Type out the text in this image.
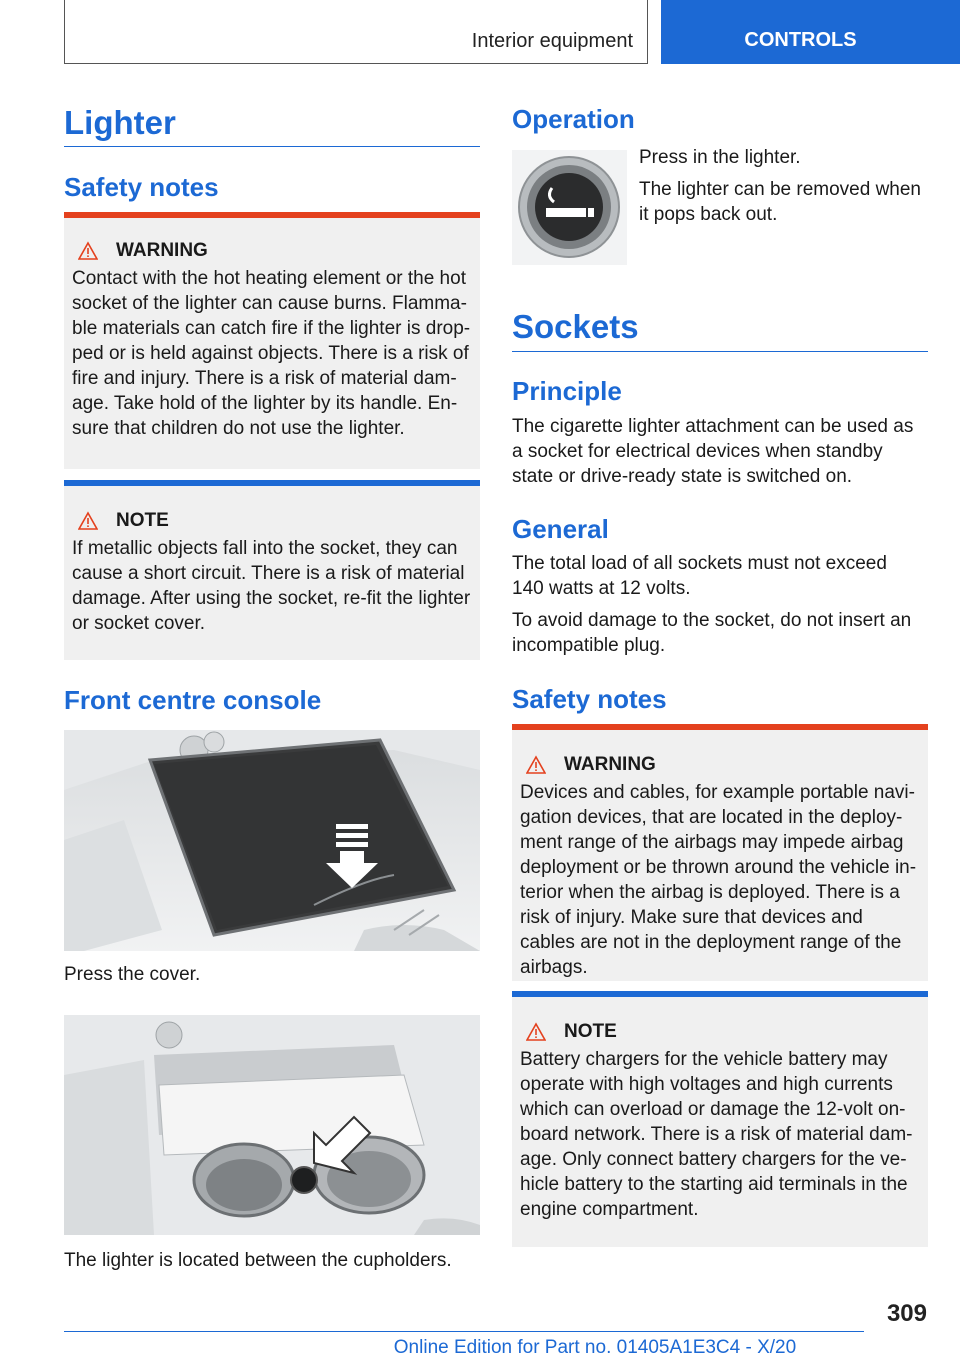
Interior equipment	CONTROLS
Lighter
Safety notes
WARNING

Contact with the hot heating element or the hot socket of the lighter can cause burns. Flamma- ble materials can catch fire if the lighter is drop- ped or is held against objects. There is a risk of fire and injury. There is a risk of material dam- age. Take hold of the lighter by its handle. En- sure that children do not use the lighter.

NOTE

If metallic objects fall into the socket, they can cause a short circuit. There is a risk of material damage. After using the socket, re-fit the lighter or socket cover.

Front centre console

Press the cover.

The lighter is located between the cupholders.

Operation

Press in the lighter.

The lighter can be removed when it pops back out.

Sockets
Principle

The cigarette lighter attachment can be used as a socket for electrical devices when standby state or drive-ready state is switched on.

General

The total load of all sockets must not exceed 140 watts at 12 volts.

To avoid damage to the socket, do not insert an incompatible plug.

Safety notes
WARNING

Devices and cables, for example portable navi- gation devices, that are located in the deploy- ment range of the airbags may impede airbag deployment or be thrown around the vehicle in- terior when the airbag is deployed. There is a risk of injury. Make sure that devices and cables are not in the deployment range of the airbags.

NOTE

Battery chargers for the vehicle battery may operate with high voltages and high currents which can overload or damage the 12-volt on- board network. There is a risk of material dam- age. Only connect battery chargers for the ve- hicle battery to the starting aid terminals in the engine compartment.

309
Online Edition for Part no. 01405A1E3C4 - X/20
